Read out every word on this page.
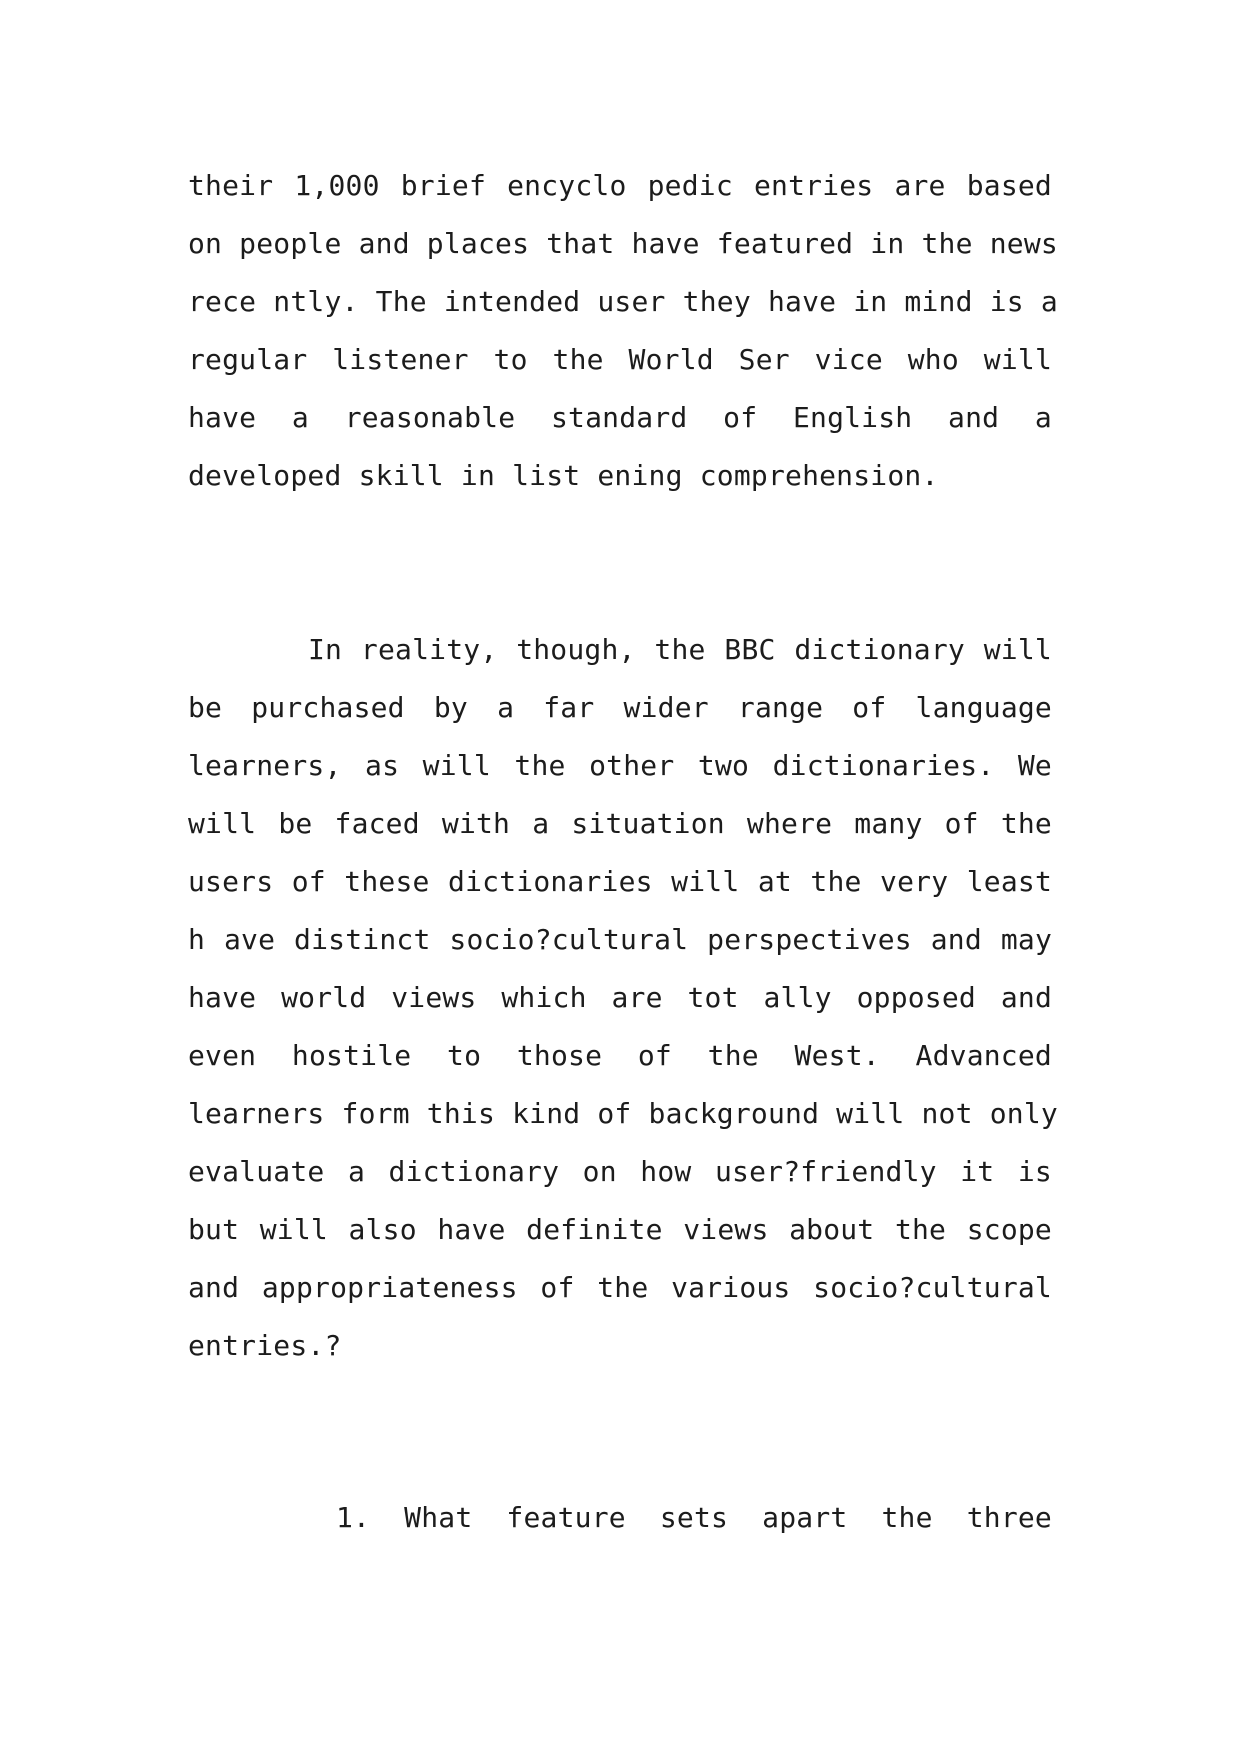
their 1,000 brief encyclo pedic entries are based
on people and places that have featured in the news
rece ntly. The intended user they have in mind is a
regular listener to the World Ser vice who will
have a reasonable standard of English and a
developed skill in list ening comprehension.
In reality, though, the BBC dictionary will
be purchased by a far wider range of language
learners, as will the other two dictionaries. We
will be faced with a situation where many of the
users of these dictionaries will at the very least
h ave distinct socio?cultural perspectives and may
have world views which are tot ally opposed and
even hostile to those of the West. Advanced
learners form this kind of background will not only
evaluate a dictionary on how user?friendly it is
but will also have definite views about the scope
and appropriateness of the various socio?cultural
entries.?
1. What feature sets apart the three
